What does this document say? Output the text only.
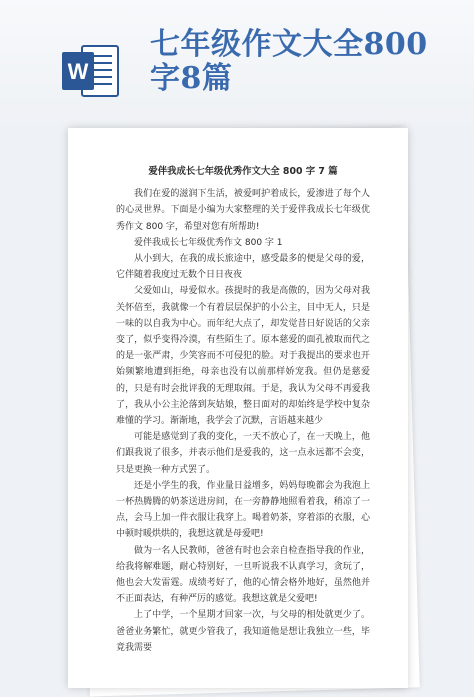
W
七年级作文大全800字8篇
爱伴我成长七年级优秀作文大全 800 字 7 篇

我们在爱的滋润下生活，被爱呵护着成长，爱渗进了每个人的心灵世界。下面是小编为大家整理的关于爱伴我成长七年级优秀作文 800 字，希望对您有所帮助!

爱伴我成长七年级优秀作文 800 字 1

从小到大，在我的成长旅途中，感受最多的便是父母的爱，它伴随着我度过无数个日日夜夜

父爱如山，母爱似水。孩提时的我是高傲的，因为父母对我关怀倍至，我就像一个有着层层保护的小公主，目中无人，只是一味的以自我为中心。而年纪大点了，却发觉昔日好说话的父亲变了，似乎变得冷漠，有些陌生了。原本慈爱的面孔被取而代之的是一张严肃，少笑容而不可侵犯的脸。对于我提出的要求也开始频繁地遭到拒绝，母亲也没有以前那样娇宠我。但仍是慈爱的，只是有时会批评我的无理取闹。于是，我认为父母不再爱我了，我从小公主沦落到灰姑娘，整日面对的却始终是学校中复杂难懂的学习。渐渐地，我学会了沉默，言语越来越少

可能是感觉到了我的变化，一天不放心了，在一天晚上，他们跟我说了很多，并表示他们是爱我的，这一点永远都不会变，只是更换一种方式罢了。

还是小学生的我，作业量日益增多，妈妈每晚都会为我泡上一杯热腾腾的奶茶送进房间，在一旁静静地照看着我，稍凉了一点，会马上加一件衣服让我穿上。喝着奶茶，穿着添的衣服，心中顿时暖烘烘的，我想这就是母爱吧!

做为一名人民教师，爸爸有时也会亲自检查指导我的作业，给我将解难题，耐心特别好，一旦听说我不认真学习，贪玩了，他也会大发雷霆。成绩考好了，他的心情会格外地好，虽然他并不正面表达，有种严厉的感觉。我想这就是父爱吧!

上了中学，一个星期才回家一次，与父母的相处就更少了。爸爸业务繁忙，就更少管我了，我知道他是想让我独立一些，毕竟我需要
